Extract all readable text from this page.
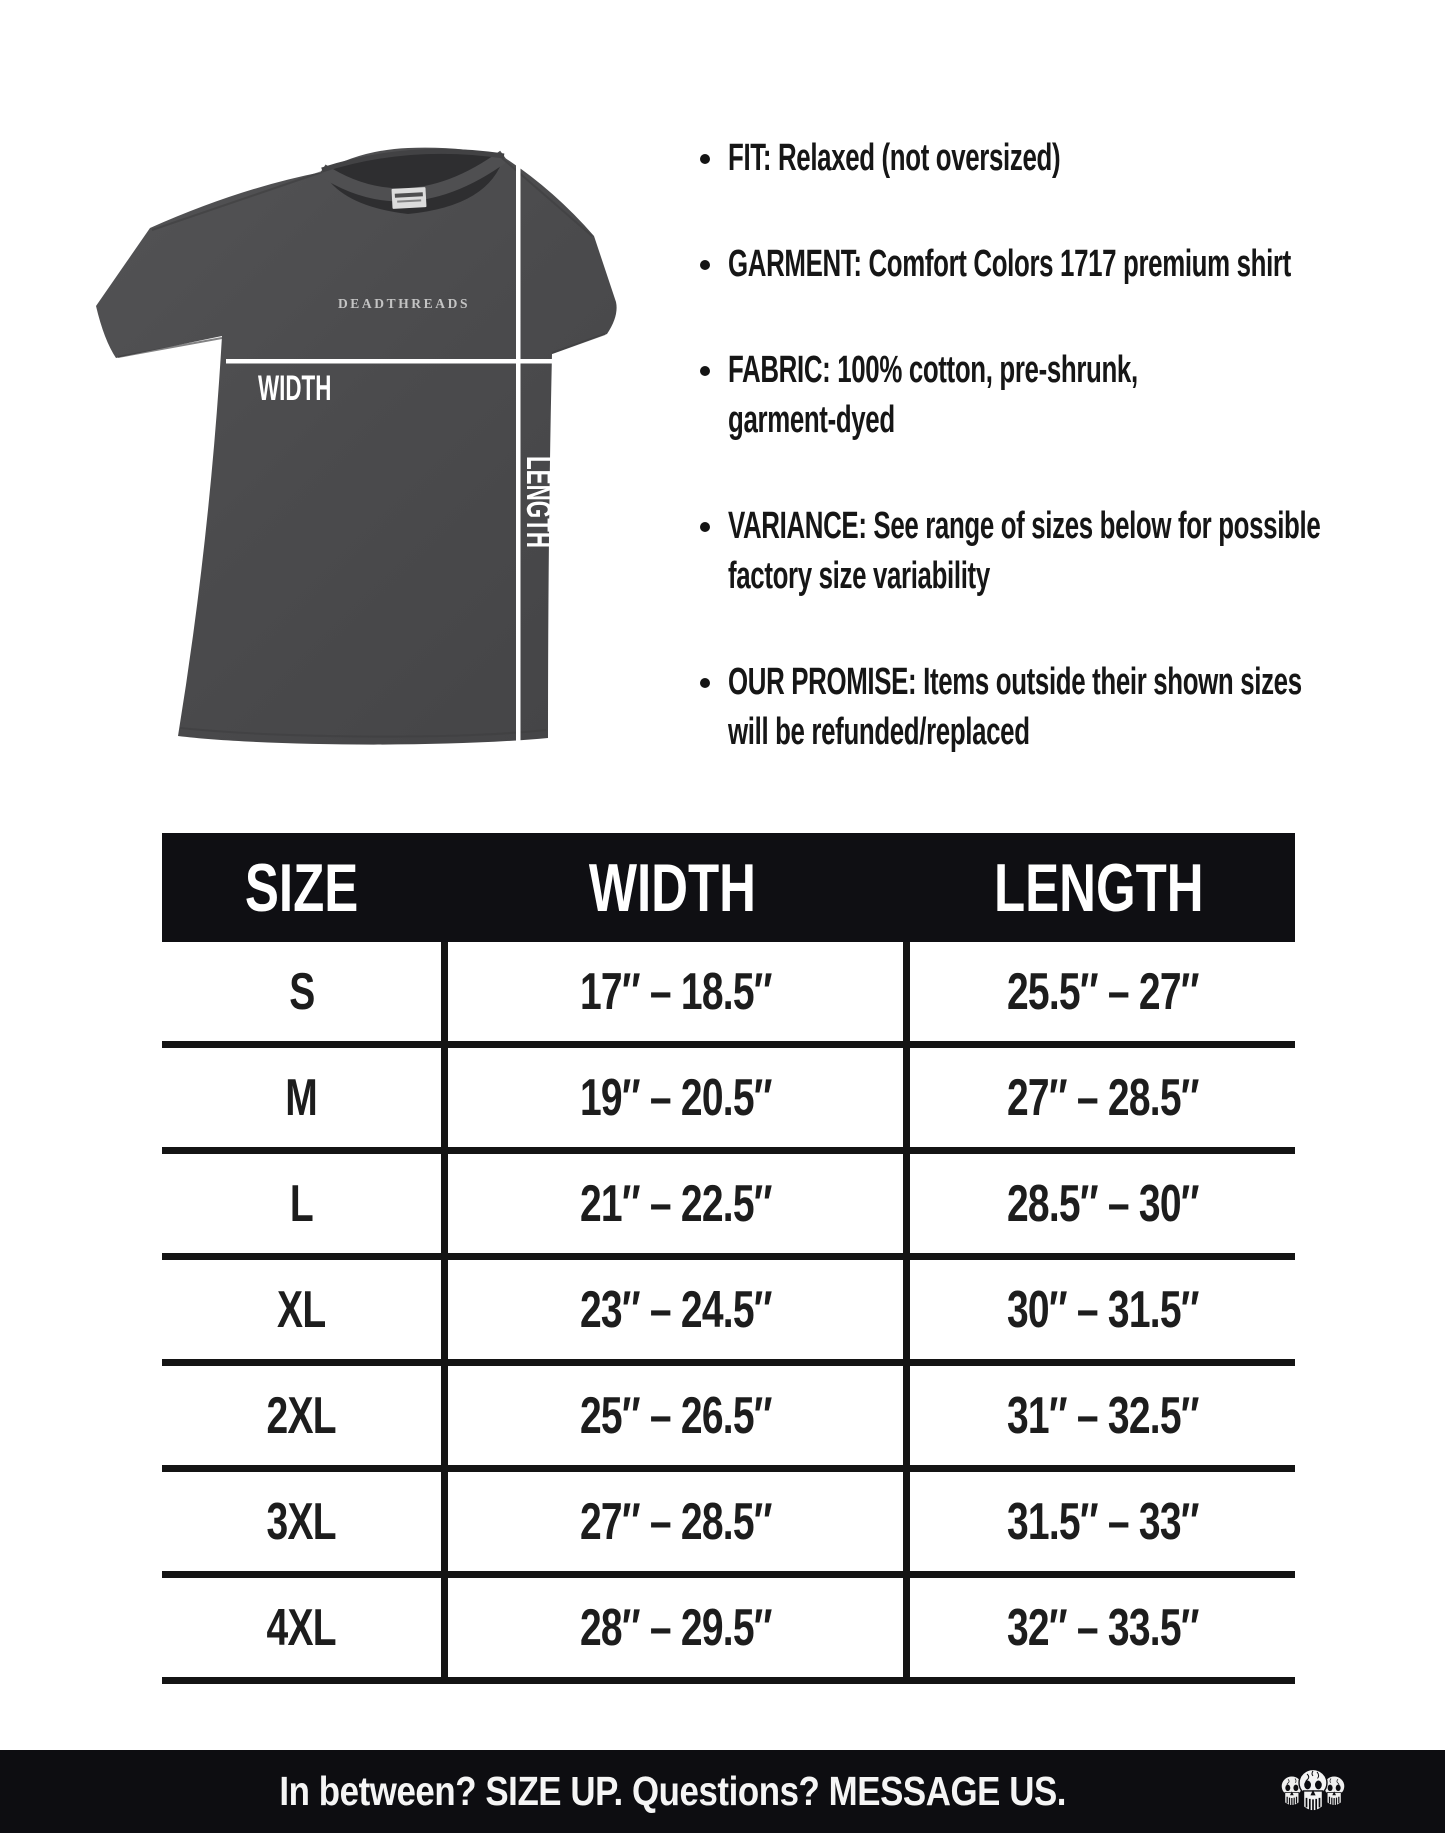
DEADTHREADS
WIDTH
LENGTH
FIT: Relaxed (not oversized)
GARMENT: Comfort Colors 1717 premium shirt
FABRIC: 100% cotton, pre-shrunk,
garment-dyed
VARIANCE: See range of sizes below for possible
factory size variability
OUR PROMISE: Items outside their shown sizes
will be refunded/replaced
SIZE	WIDTH	LENGTH
S	17″ – 18.5″	25.5″ – 27″
M	19″ – 20.5″	27″ – 28.5″
L	21″ – 22.5″	28.5″ – 30″
XL	23″ – 24.5″	30″ – 31.5″
2XL	25″ – 26.5″	31″ – 32.5″
3XL	27″ – 28.5″	31.5″ – 33″
4XL	28″ – 29.5″	32″ – 33.5″
In between? SIZE UP. Questions? MESSAGE US.
